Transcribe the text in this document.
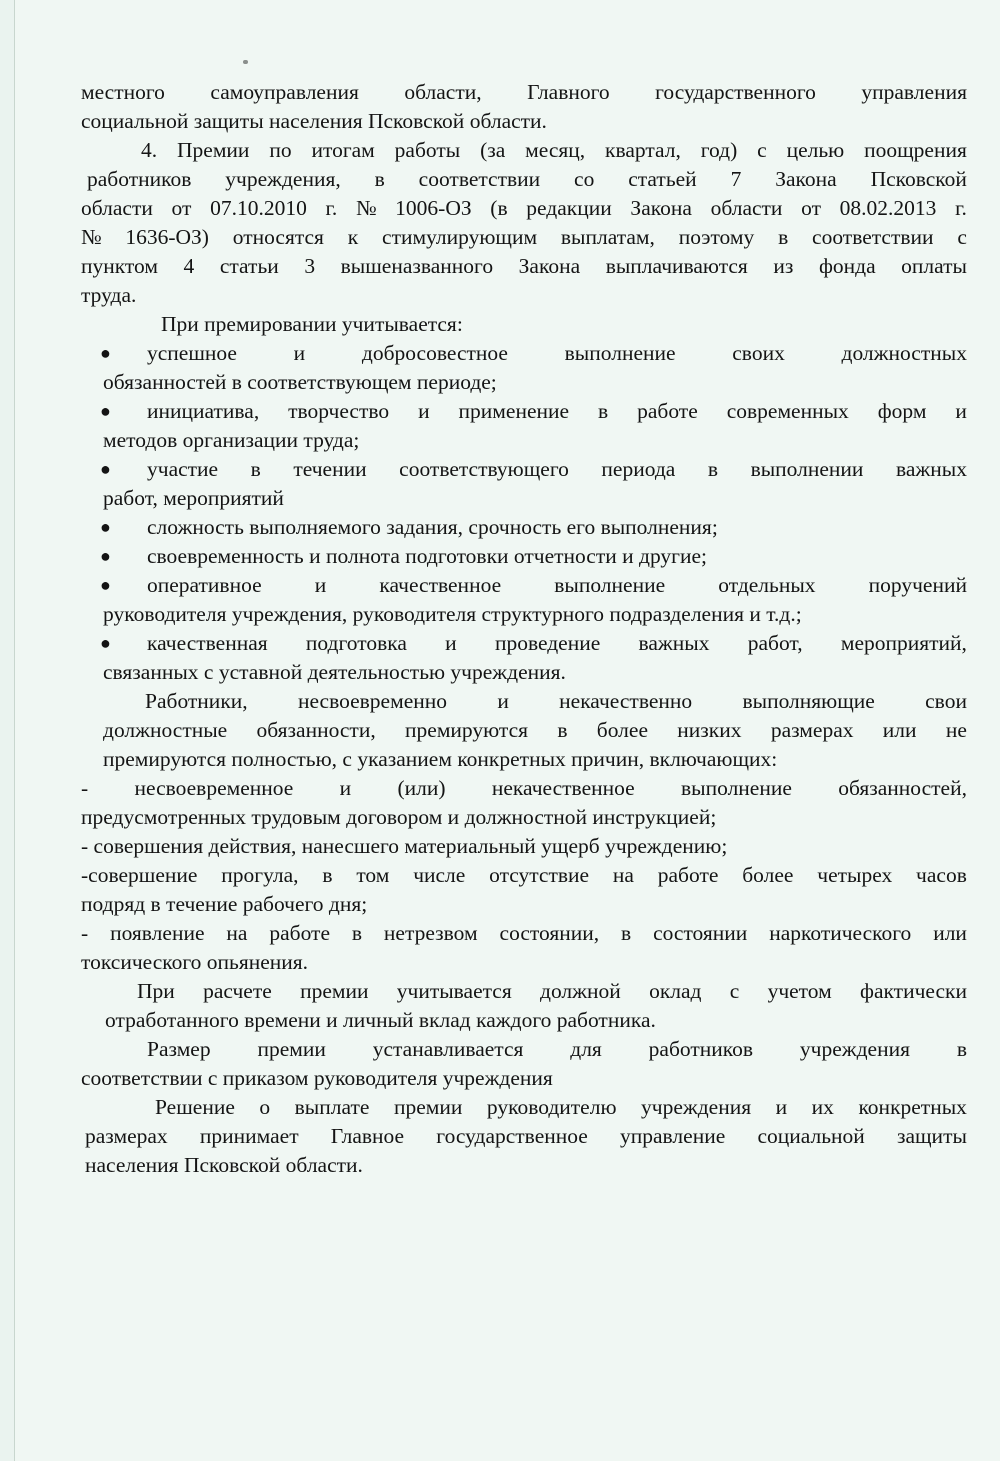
местного самоуправления области, Главного государственного управления
социальной защиты населения Псковской области.
4. Премии по итогам работы (за месяц, квартал, год) с целью поощрения
работников учреждения, в соответствии со статьей 7 Закона Псковской
области от 07.10.2010 г. № 1006-ОЗ (в редакции Закона области от 08.02.2013 г.
№ 1636-ОЗ) относятся к стимулирующим выплатам, поэтому в соответствии с
пунктом 4 статьи 3 вышеназванного Закона выплачиваются из фонда оплаты
труда.
При премировании учитывается:
●	успешное	и	добросовестное	выполнение	своих	должностных
обязанностей в соответствующем периоде;
●	инициатива, творчество и применение в работе современных форм и
методов организации труда;
●	участие в течении соответствующего периода в выполнении важных
работ, мероприятий
●	сложность выполняемого задания, срочность его выполнения;
●	своевременность и полнота подготовки отчетности и другие;
●	оперативное и качественное выполнение отдельных поручений
руководителя учреждения, руководителя структурного подразделения и т.д.;
●	качественная подготовка и проведение важных работ, мероприятий,
связанных с уставной деятельностью учреждения.
Работники, несвоевременно и некачественно выполняющие свои
должностные обязанности, премируются в более низких размерах или не
премируются полностью, с указанием конкретных причин, включающих:
- несвоевременное и (или) некачественное выполнение обязанностей,
предусмотренных трудовым договором и должностной инструкцией;
- совершения действия, нанесшего материальный ущерб учреждению;
-совершение прогула, в том числе отсутствие на работе более четырех часов
подряд в течение рабочего дня;
- появление на работе в нетрезвом состоянии, в состоянии наркотического или
токсического опьянения.
При расчете премии учитывается должной оклад с учетом фактически
отработанного времени и личный вклад каждого работника.
Размер премии устанавливается для работников учреждения в
соответствии с приказом руководителя учреждения
Решение о выплате премии руководителю учреждения и их конкретных
размерах принимает Главное государственное управление социальной защиты
населения Псковской области.
